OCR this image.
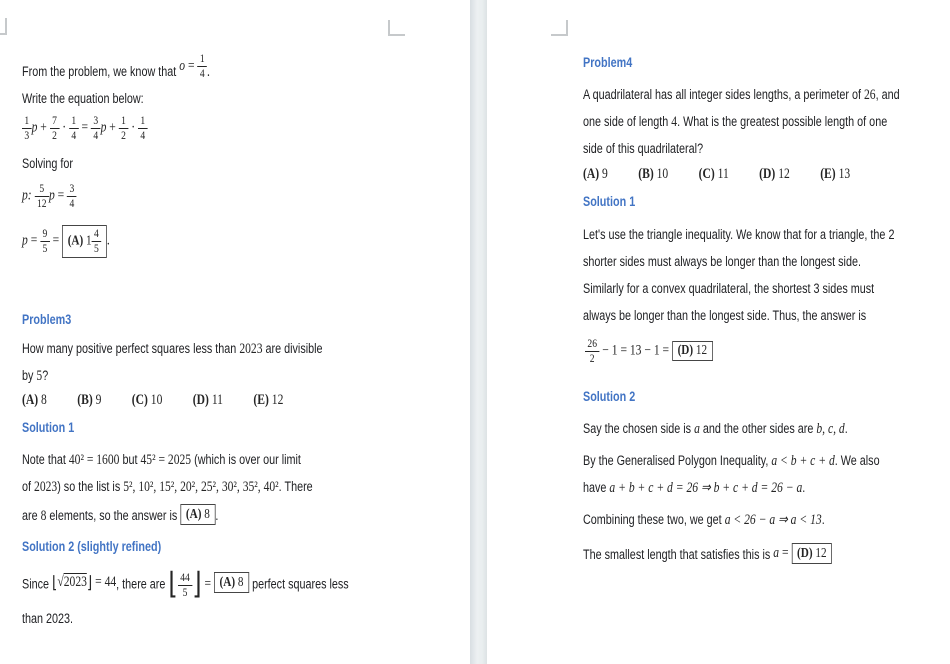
From the problem, we know that $o = \frac{1}{4}$ .
Write the equation below:
$\frac{1}{3}$ $p + \frac{7}{2} \cdot \frac{1}{4} = \frac{3}{4}$ $p + \frac{1}{2} \cdot \frac{1}{4}$
Solving for
p: $\frac{5}{12}$ $p = \frac{3}{4}$
$p = \frac{9}{5} = (A)$ $1 \frac{4}{5}$ .
Problem3
How many positive perfect squares less than 2023 are divisible
by 5?
(A) 8 (B) 9 (C) 10 (D) 11 (E) 12
Solution 1
Note that 40² = 1600 but 45² = 2025 (which is over our limit
of 2023) so the list is 5², 10², 15², 20², 25², 30², 35², 40². There
are 8 elements, so the answer is (A) 8 .
Solution 2 (slightly refined)
Since ⌊√2023⌋ = 44, there are ⌊ $\frac{44}{5}$ ⌋ = (A) 8 perfect squares less
than 2023.
Problem4
A quadrilateral has all integer sides lengths, a perimeter of 26, and
one side of length 4. What is the greatest possible length of one
side of this quadrilateral?
(A) 9 (B) 10 (C) 11 (D) 12 (E) 13
Solution 1
Let's use the triangle inequality. We know that for a triangle, the 2
shorter sides must always be longer than the longest side.
Similarly for a convex quadrilateral, the shortest 3 sides must
always be longer than the longest side. Thus, the answer is
$\frac{26}{2} - 1 = 13 - 1 = (D)$ 12
Solution 2
Say the chosen side is a and the other sides are b, c, d.
By the Generalised Polygon Inequality, a < b + c + d. We also
have a + b + c + d = 26 ⇒ b + c + d = 26 − a.
Combining these two, we get a < 26 − a ⇒ a < 13.
The smallest length that satisfies this is a = (D) 12
